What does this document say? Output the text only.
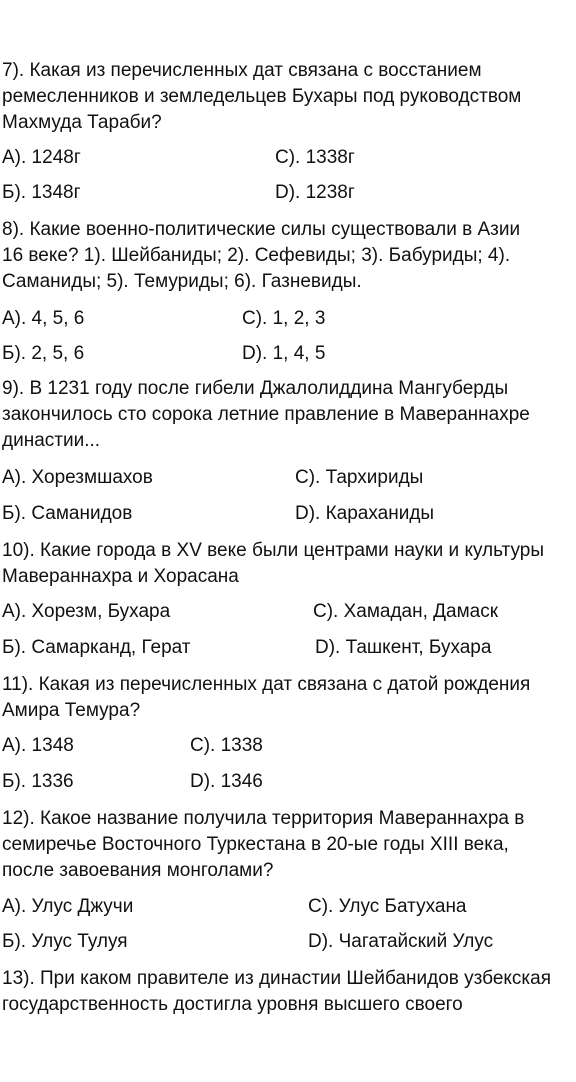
7). Какая из перечисленных дат связана с восстанием
ремесленников и земледельцев Бухары под руководством
Махмуда Тараби?
А). 1248г	С). 1338г
Б). 1348г	D). 1238г
8). Какие военно-политические силы существовали в Азии
16 веке? 1). Шейбаниды; 2). Сефевиды; 3). Бабуриды; 4).
Саманиды; 5). Темуриды; 6). Газневиды.
А). 4, 5, 6	С). 1, 2, 3
Б). 2, 5, 6	D). 1, 4, 5
9). В 1231 году после гибели Джалолиддина Мангуберды
закончилось сто сорока летние правление в Мавераннахре
династии...
А). Хорезмшахов	С). Тархириды
Б). Саманидов	D). Караханиды
10). Какие города в XV веке были центрами науки и культуры
Мавераннахра и Хорасана
А). Хорезм, Бухара	С). Хамадан, Дамаск
Б). Самарканд, Герат	D). Ташкент, Бухара
11). Какая из перечисленных дат связана с датой рождения
Амира Темура?
А). 1348	С). 1338
Б). 1336	D). 1346
12). Какое название получила территория Мавераннахра в
семиречье Восточного Туркестана в 20-ые годы XIII века,
после завоевания монголами?
А). Улус Джучи	С). Улус Батухана
Б). Улус Тулуя	D). Чагатайский Улус
13). При каком правителе из династии Шейбанидов узбекская
государственность достигла уровня высшего своего
